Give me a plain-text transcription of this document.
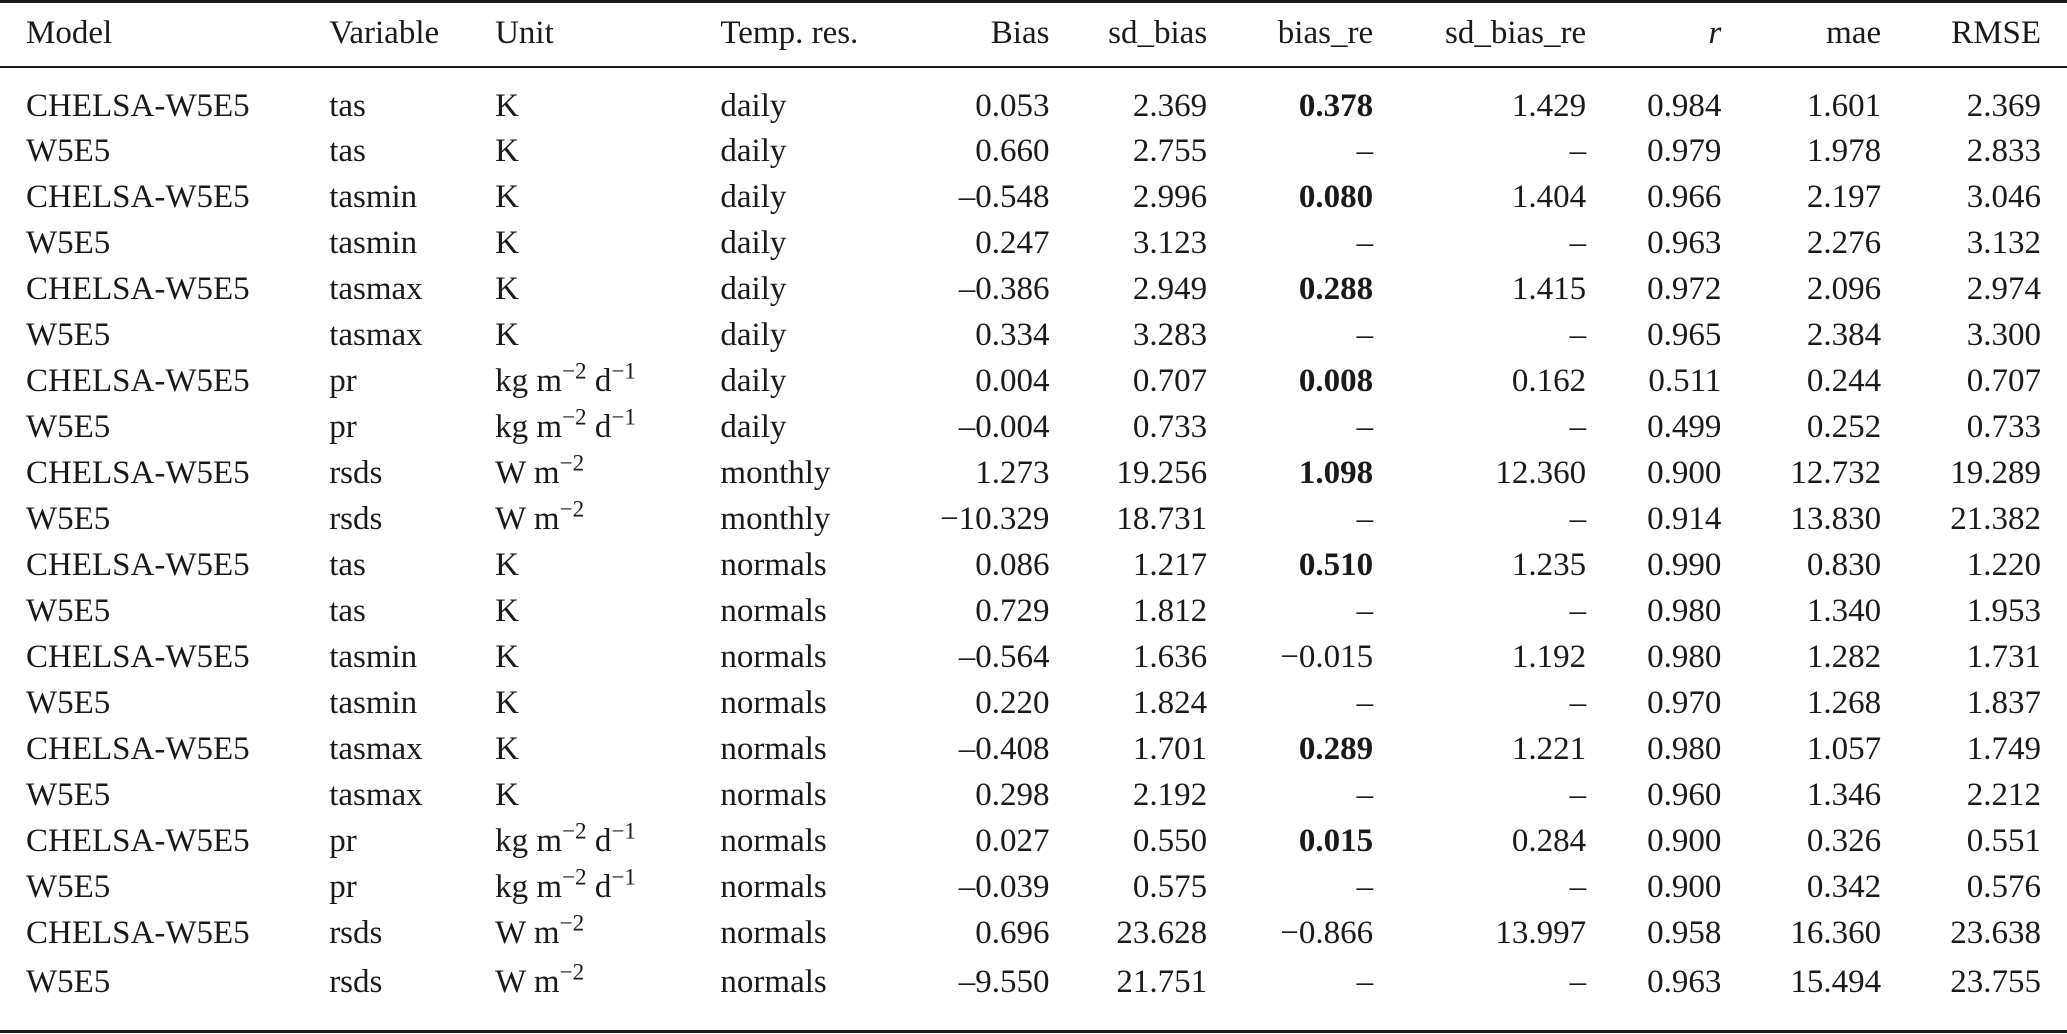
Model	Variable	Unit	Temp. res.	Bias	sd_bias	bias_re	sd_bias_re	r	mae	RMSE
CHELSA-W5E5	tas	K	daily	0.053	2.369	0.378	1.429	0.984	1.601	2.369
W5E5	tas	K	daily	0.660	2.755	–	–	0.979	1.978	2.833
CHELSA-W5E5	tasmin	K	daily	–0.548	2.996	0.080	1.404	0.966	2.197	3.046
W5E5	tasmin	K	daily	0.247	3.123	–	–	0.963	2.276	3.132
CHELSA-W5E5	tasmax	K	daily	–0.386	2.949	0.288	1.415	0.972	2.096	2.974
W5E5	tasmax	K	daily	0.334	3.283	–	–	0.965	2.384	3.300
CHELSA-W5E5	pr	kg $m^{-2}$ $d^{-1}$	daily	0.004	0.707	0.008	0.162	0.511	0.244	0.707
W5E5	pr	kg $m^{-2}$ $d^{-1}$	daily	–0.004	0.733	–	–	0.499	0.252	0.733
CHELSA-W5E5	rsds	W $m^{-2}$	monthly	1.273	19.256	1.098	12.360	0.900	12.732	19.289
W5E5	rsds	W $m^{-2}$	monthly	−10.329	18.731	–	–	0.914	13.830	21.382
CHELSA-W5E5	tas	K	normals	0.086	1.217	0.510	1.235	0.990	0.830	1.220
W5E5	tas	K	normals	0.729	1.812	–	–	0.980	1.340	1.953
CHELSA-W5E5	tasmin	K	normals	–0.564	1.636	−0.015	1.192	0.980	1.282	1.731
W5E5	tasmin	K	normals	0.220	1.824	–	–	0.970	1.268	1.837
CHELSA-W5E5	tasmax	K	normals	–0.408	1.701	0.289	1.221	0.980	1.057	1.749
W5E5	tasmax	K	normals	0.298	2.192	–	–	0.960	1.346	2.212
CHELSA-W5E5	pr	kg $m^{-2}$ $d^{-1}$	normals	0.027	0.550	0.015	0.284	0.900	0.326	0.551
W5E5	pr	kg $m^{-2}$ $d^{-1}$	normals	–0.039	0.575	–	–	0.900	0.342	0.576
CHELSA-W5E5	rsds	W $m^{-2}$	normals	0.696	23.628	−0.866	13.997	0.958	16.360	23.638
W5E5	rsds	W $m^{-2}$	normals	–9.550	21.751	–	–	0.963	15.494	23.755
